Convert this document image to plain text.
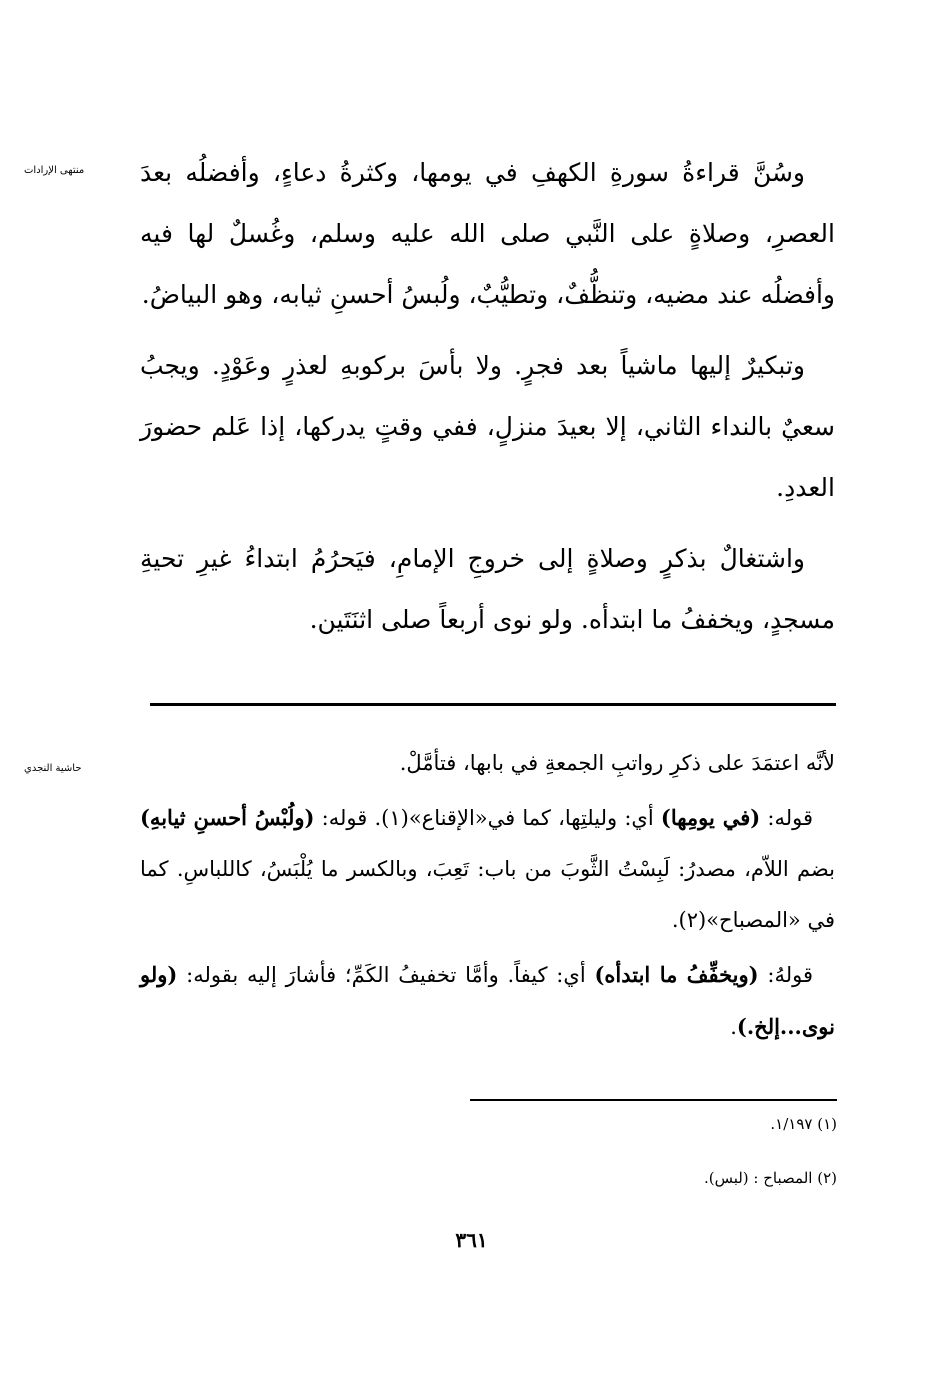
منتهى الإرادات وسُنَّ قراءةُ سورةِ الكهفِ في يومها، وكثرةُ دعاءٍ، وأفضلُه بعدَ العصرِ، وصلاةٍ على النَّبي صلى الله عليه وسلم، وغُسلٌ لها فيه وأفضلُه عند مضيه، وتنظُّفٌ، وتطيُّبٌ، ولُبسُ أحسنِ ثيابه، وهو البياضُ.

وتبكيرٌ إليها ماشياً بعد فجرٍ. ولا بأسَ بركوبهِ لعذرٍ وعَوْدٍ. ويجبُ سعيٌ بالنداء الثاني، إلا بعيدَ منزلٍ، ففي وقتٍ يدركها، إذا عَلم حضورَ العددِ.

واشتغالٌ بذكرٍ وصلاةٍ إلى خروجِ الإمامِ، فيَحرُمُ ابتداءُ غيرِ تحيةِ مسجدٍ، ويخففُ ما ابتدأه. ولو نوى أربعاً صلى اثنَتَين.

حاشية النجدي	لأنَّه اعتمَدَ على ذكرِ رواتبِ الجمعةِ في بابها، فتأمَّلْ.

قوله: (في يومِها) أي: وليلتِها، كما في«الإقناع»(١). قوله: (ولُبْسُ أحسنِ ثيابهِ) بضم اللاّم، مصدرُ: لَبِسْتُ الثَّوبَ من باب: تَعِبَ، وبالكسر ما يُلْبَسُ، كاللباسِ. كما في «المصباح»(٢).

قولهُ: (ويخفِّفُ ما ابتدأه) أي: كيفاً. وأمَّا تخفيفُ الكَمِّ؛ فأشارَ إليه بقوله: (ولو نوى...إلخ.).

(١) ١/١٩٧.
(٢) المصباح : (لبس).
٣٦١
